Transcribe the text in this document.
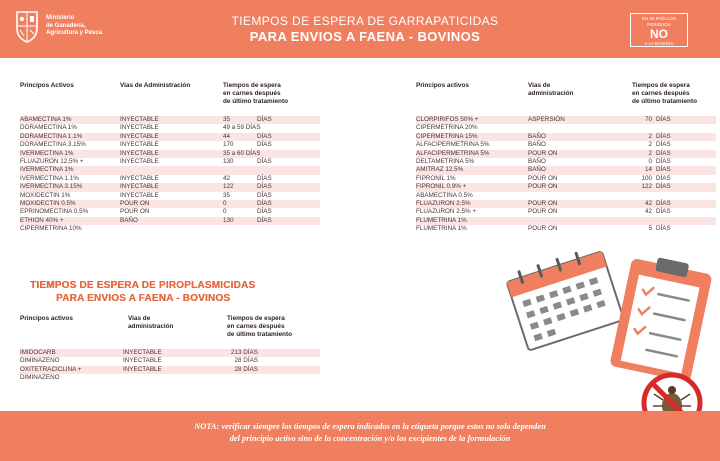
Ministerio
de Ganadería,
Agricultura y Pesca
TIEMPOS DE ESPERA DE GARRAPATICIDAS
PARA ENVIOS A FAENA - BOVINOS
EN MI PAÍS LOS RESIDUOS
NO
A LA BASURA
Principos Activos	Vias de Administración	Tiempos de espera
en carnes después
de último tratamiento
ABAMECTINA 1%	INYECTABLE	35	DÍAS
DORAMECTINA 1%	INYECTABLE	49 a 59 DÍAS
DORAMECTINA 1.1%	INYECTABLE	44	DÍAS
DORAMECTINA 3.15%	INYECTABLE	170	DÍAS
IVERMECTINA 1%	INYECTABLE	35 a 60 DÍAS
FLUAZURON 12,5% +	INYECTABLE	130	DÍAS
IVERMECTINA 1%
IVERMECTINA 1.1%	INYECTABLE	42	DÍAS
IVERMECTINA 3.15%	INYECTABLE	122	DÍAS
MOXIDECTIN 1%	INYECTABLE	35	DÍAS
MOXIDECTIN 0.5%	POUR ON	0	DÍAS
EPRINOMECTINA 0.5%	POUR ON	0	DÍAS
ETHION 40% +	BAÑO	130	DÍAS
CIPERMETRINA 10%
Principos activos	Vias de
administración
Tiempos de espera
en carnes después
de último tratamiento
CLORPIRIFOS 50% +	ASPERSIÓN	70 DÍAS
CIPERMETRINA 20%
CIPERMETRINA 15%	BAÑO	2 DÍAS
ALFACIPERMETRINA 5%	BAÑO	2 DÍAS
ALFACIPERMETRINA 5%	POUR ON	2 DÍAS
DELTAMETRINA 5%	BAÑO	0 DÍAS
AMITRAZ 12.5%	BAÑO	14 DÍAS
FIPRONIL 1%	POUR ON	100 DÍAS
FIPRONIL 0.9% +	POUR ON	122 DÍAS
ABAMECTINA 0.5%
FLUAZURON 2.5%	POUR ON	42 DÍAS
FLUAZURON 2.5% +	POUR ON	42 DÍAS
FLUMETRINA 1%
FLUMETRINA 1%	POUR ON	5 DÍAS
TIEMPOS DE ESPERA DE PIROPLASMICIDAS
PARA ENVIOS A FAENA - BOVINOS
Principos activos	Vias de
administración
Tiempos de espera
en carnes después
de último tratamiento
IMIDOCARB	INYECTABLE	213 DÍAS
DIMINAZENO	INYECTABLE	28 DÍAS
OXITETRACICLINA +	INYECTABLE	28 DÍAS
DIMINAZENO
NOTA: verificar siempre los tiempos de espera indicados en la etiqueta porque estos no solo dependen
del principio activo sino de la concentración y/o los excipientes de la formulación
